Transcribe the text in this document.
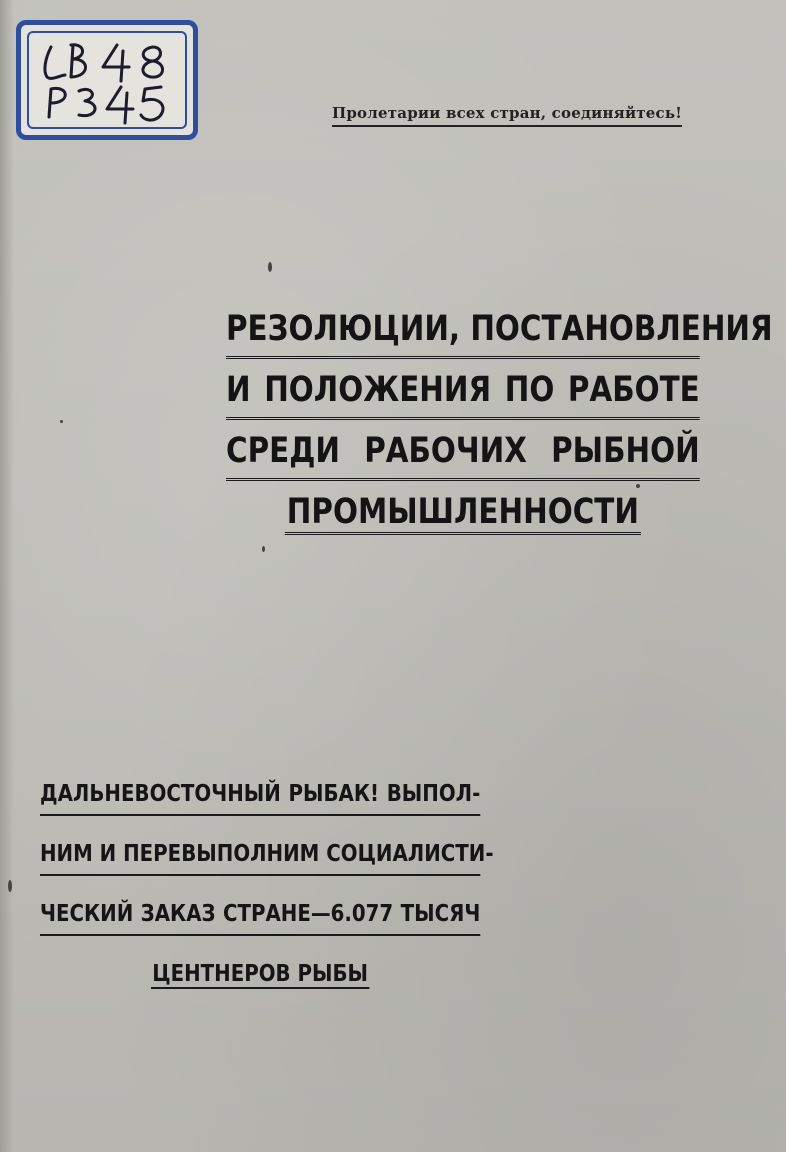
Пролетарии всех стран, соединяйтесь!
РЕЗОЛЮЦИИ, ПОСТАНОВЛЕНИЯ
И ПОЛОЖЕНИЯ ПО РАБОТЕ
СРЕДИ РАБОЧИХ РЫБНОЙ
ПРОМЫШЛЕННОСТИ
ДАЛЬНЕВОСТОЧНЫЙ РЫБАК! ВЫПОЛ-
НИМ И ПЕРЕВЫПОЛНИМ СОЦИАЛИСТИ-
ЧЕСКИЙ ЗАКАЗ СТРАНЕ—6.077 ТЫСЯЧ
ЦЕНТНЕРОВ РЫБЫ
